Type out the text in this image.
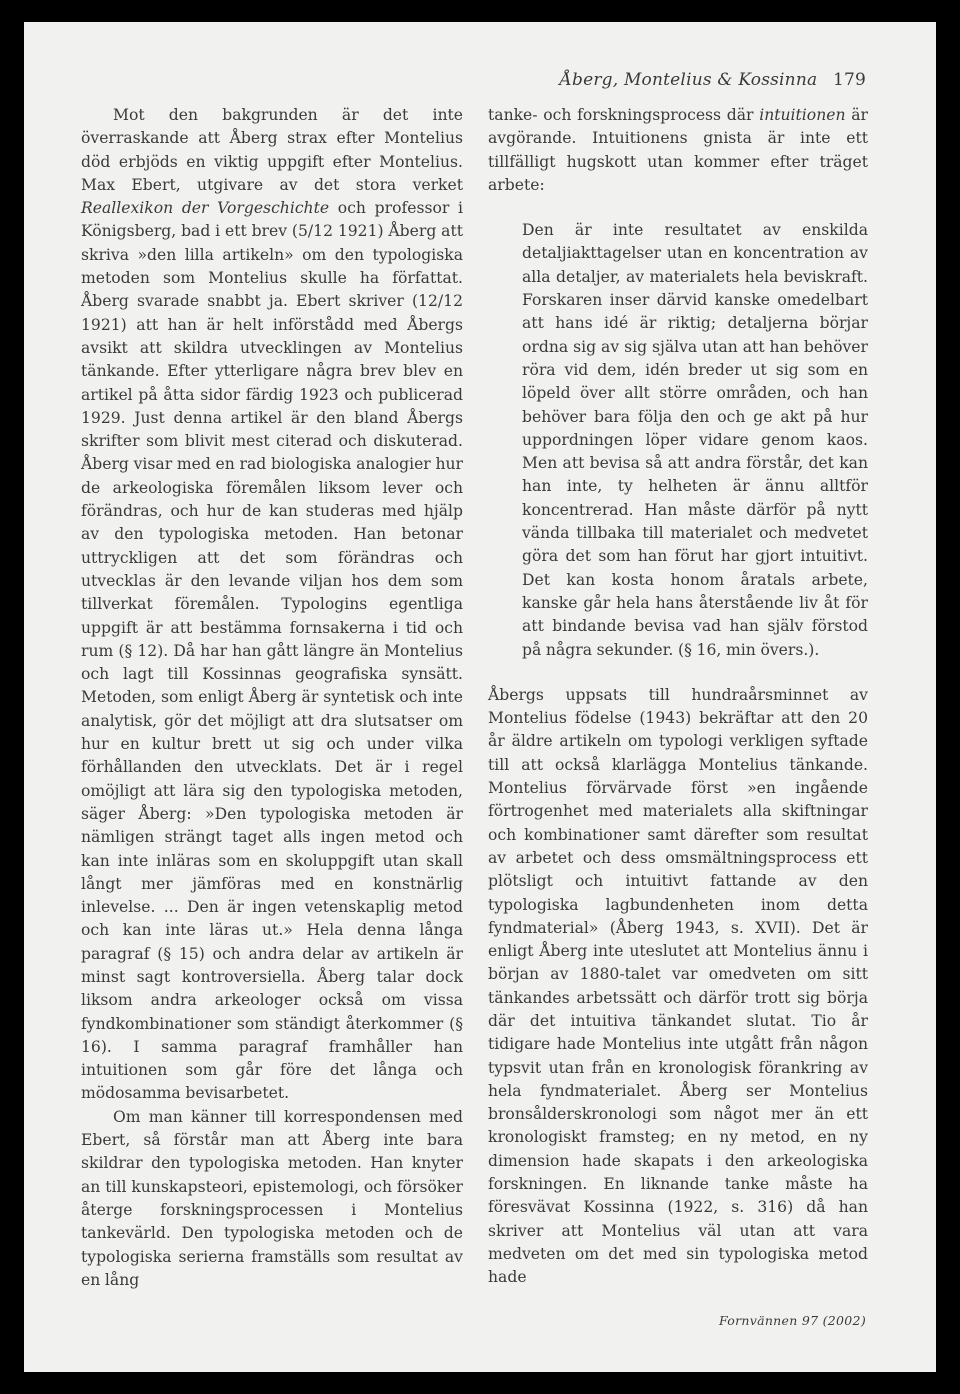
Åberg, Montelius & Kossinna 179

Mot den bakgrunden är det inte överraskande att Åberg strax efter Montelius död erbjöds en viktig uppgift efter Montelius. Max Ebert, utgivare av det stora verket Reallexikon der Vorgeschichte och professor i Königsberg, bad i ett brev (5/12 1921) Åberg att skriva »den lilla artikeln» om den typologiska metoden som Montelius skulle ha författat. Åberg svarade snabbt ja. Ebert skriver (12/12 1921) att han är helt införstådd med Åbergs avsikt att skildra utvecklingen av Montelius tänkande. Efter ytterligare några brev blev en artikel på åtta sidor färdig 1923 och publicerad 1929. Just denna artikel är den bland Åbergs skrifter som blivit mest citerad och diskuterad. Åberg visar med en rad biologiska analogier hur de arkeologiska föremålen liksom lever och förändras, och hur de kan studeras med hjälp av den typologiska metoden. Han betonar uttryckligen att det som förändras och utvecklas är den levande viljan hos dem som tillverkat föremålen. Typologins egentliga uppgift är att bestämma fornsakerna i tid och rum (§ 12). Då har han gått längre än Montelius och lagt till Kossinnas geografiska synsätt. Metoden, som enligt Åberg är syntetisk och inte analytisk, gör det möjligt att dra slutsatser om hur en kultur brett ut sig och under vilka förhållanden den utvecklats. Det är i regel omöjligt att lära sig den typologiska metoden, säger Åberg: »Den typologiska metoden är nämligen strängt taget alls ingen metod och kan inte inläras som en skoluppgift utan skall långt mer jämföras med en konstnärlig inlevelse. ... Den är ingen vetenskaplig metod och kan inte läras ut.» Hela denna långa paragraf (§ 15) och andra delar av artikeln är minst sagt kontroversiella. Åberg talar dock liksom andra arkeologer också om vissa fyndkombinationer som ständigt återkommer (§ 16). I samma paragraf framhåller han intuitionen som går före det långa och mödosamma bevisarbetet.

Om man känner till korrespondensen med Ebert, så förstår man att Åberg inte bara skildrar den typologiska metoden. Han knyter an till kunskapsteori, epistemologi, och försöker återge forskningsprocessen i Montelius tankevärld. Den typologiska metoden och de typologiska serierna framställs som resultat av en lång

tanke- och forskningsprocess där intuitionen är avgörande. Intuitionens gnista är inte ett tillfälligt hugskott utan kommer efter träget arbete:

Den är inte resultatet av enskilda detaljiakttagelser utan en koncentration av alla detaljer, av materialets hela beviskraft. Forskaren inser därvid kanske omedelbart att hans idé är riktig; detaljerna börjar ordna sig av sig själva utan att han behöver röra vid dem, idén breder ut sig som en löpeld över allt större områden, och han behöver bara följa den och ge akt på hur uppordningen löper vidare genom kaos. Men att bevisa så att andra förstår, det kan han inte, ty helheten är ännu alltför koncentrerad. Han måste därför på nytt vända tillbaka till materialet och medvetet göra det som han förut har gjort intuitivt. Det kan kosta honom åratals arbete, kanske går hela hans återstående liv åt för att bindande bevisa vad han själv förstod på några sekunder. (§ 16, min övers.).

Åbergs uppsats till hundraårsminnet av Montelius födelse (1943) bekräftar att den 20 år äldre artikeln om typologi verkligen syftade till att också klarlägga Montelius tänkande. Montelius förvärvade först »en ingående förtrogenhet med materialets alla skiftningar och kombinationer samt därefter som resultat av arbetet och dess omsmältningsprocess ett plötsligt och intuitivt fattande av den typologiska lagbundenheten inom detta fyndmaterial» (Åberg 1943, s. XVII). Det är enligt Åberg inte uteslutet att Montelius ännu i början av 1880-talet var omedveten om sitt tänkandes arbetssätt och därför trott sig börja där det intuitiva tänkandet slutat. Tio år tidigare hade Montelius inte utgått från någon typsvit utan från en kronologisk förankring av hela fyndmaterialet. Åberg ser Montelius bronsålderskronologi som något mer än ett kronologiskt framsteg; en ny metod, en ny dimension hade skapats i den arkeologiska forskningen. En liknande tanke måste ha föresvävat Kossinna (1922, s. 316) då han skriver att Montelius väl utan att vara medveten om det med sin typologiska metod hade

Fornvännen 97 (2002)
